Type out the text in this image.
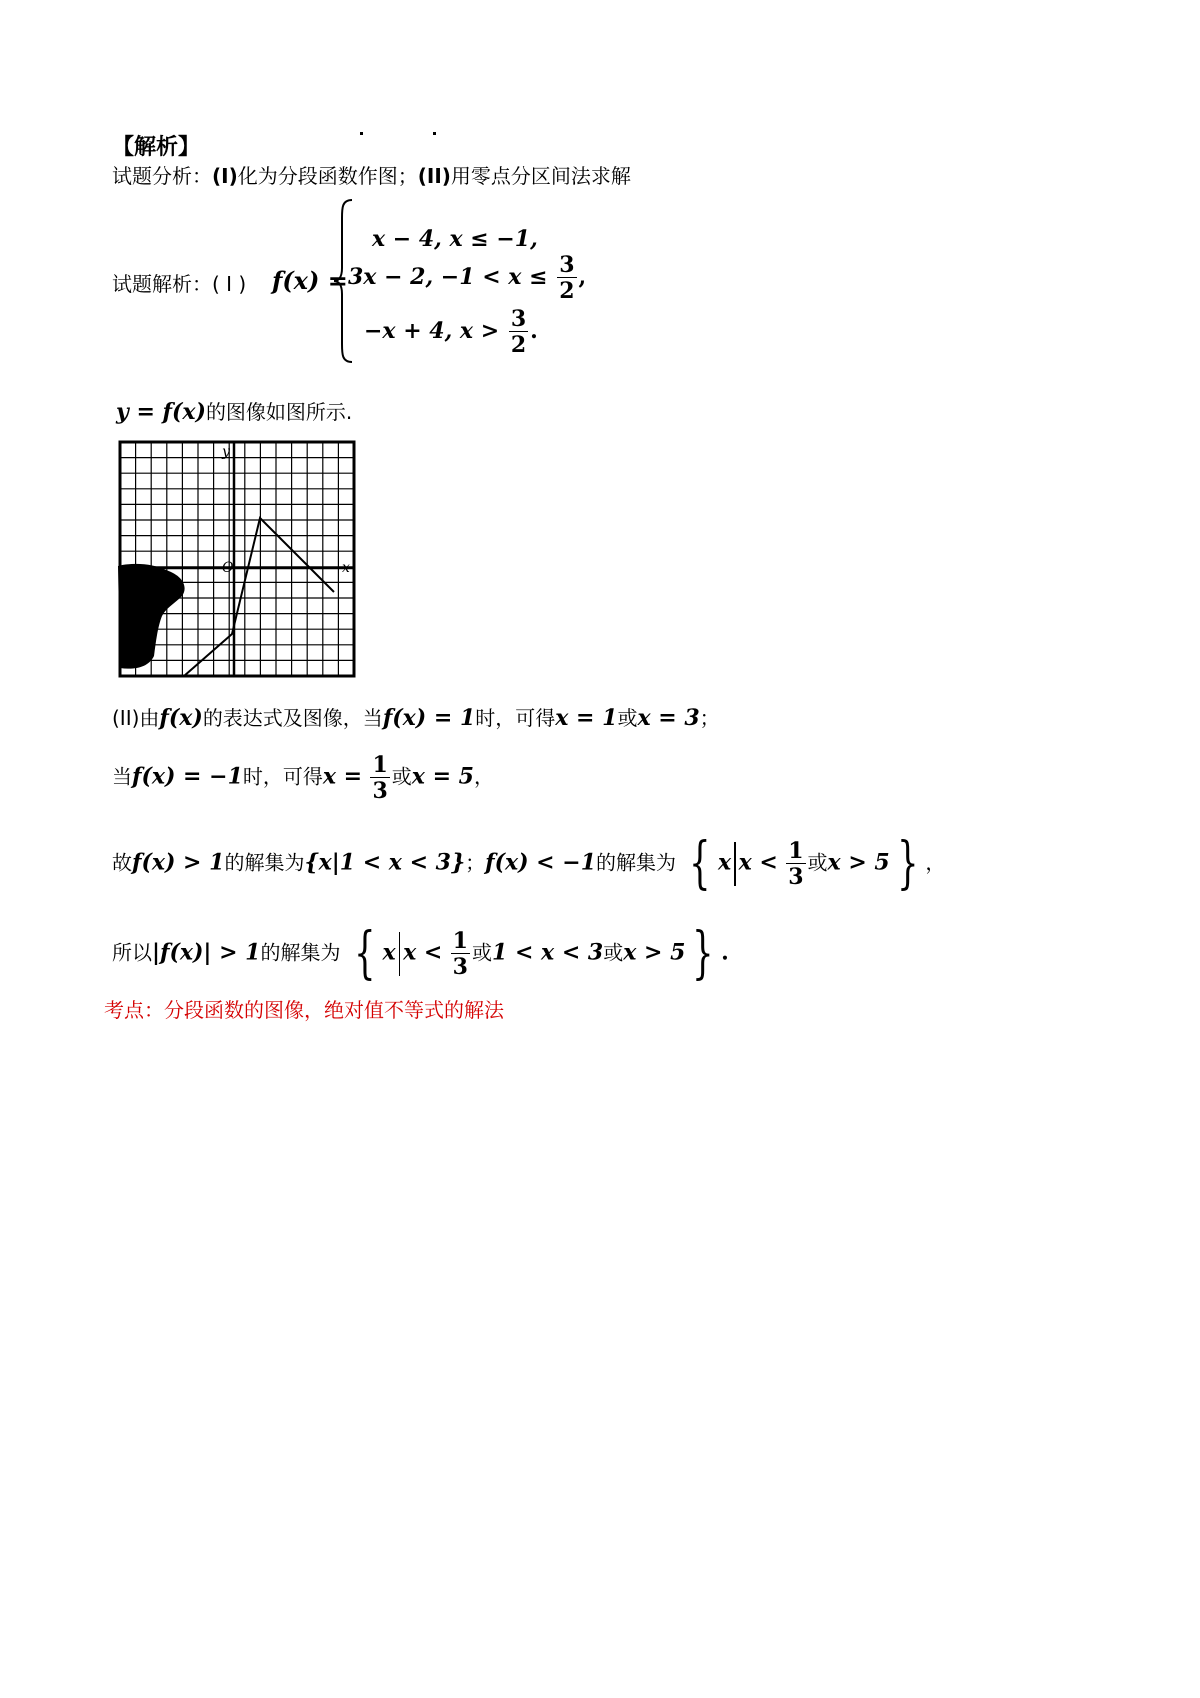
【解析】
试题分析：(I)化为分段函数作图；(II)用零点分区间法求解
试题解析：( I ) f(x) =
x − 4, x ≤ −1,
3x − 2, $-1 < x \le \frac{3}{2}$ ,
−x + 4, $x > \frac{3}{2}$ .
y = f(x)的图像如图所示.
y
x
O
(II)由f(x)的表达式及图像，当f(x) = 1时，可得x = 1或x = 3；
当f(x) = −1时，可得$x = \frac{1}{3}$ 或x = 5，
故f(x) > 1的解集为{x|1 < x < 3}；f(x) < −1的解集为 { x $x < \frac{1}{3}$ 或x > 5 } ，
所以|f(x)| > 1的解集为 { x $x < \frac{1}{3}$ 或1 < x < 3或x > 5 } .
考点：分段函数的图像，绝对值不等式的解法
